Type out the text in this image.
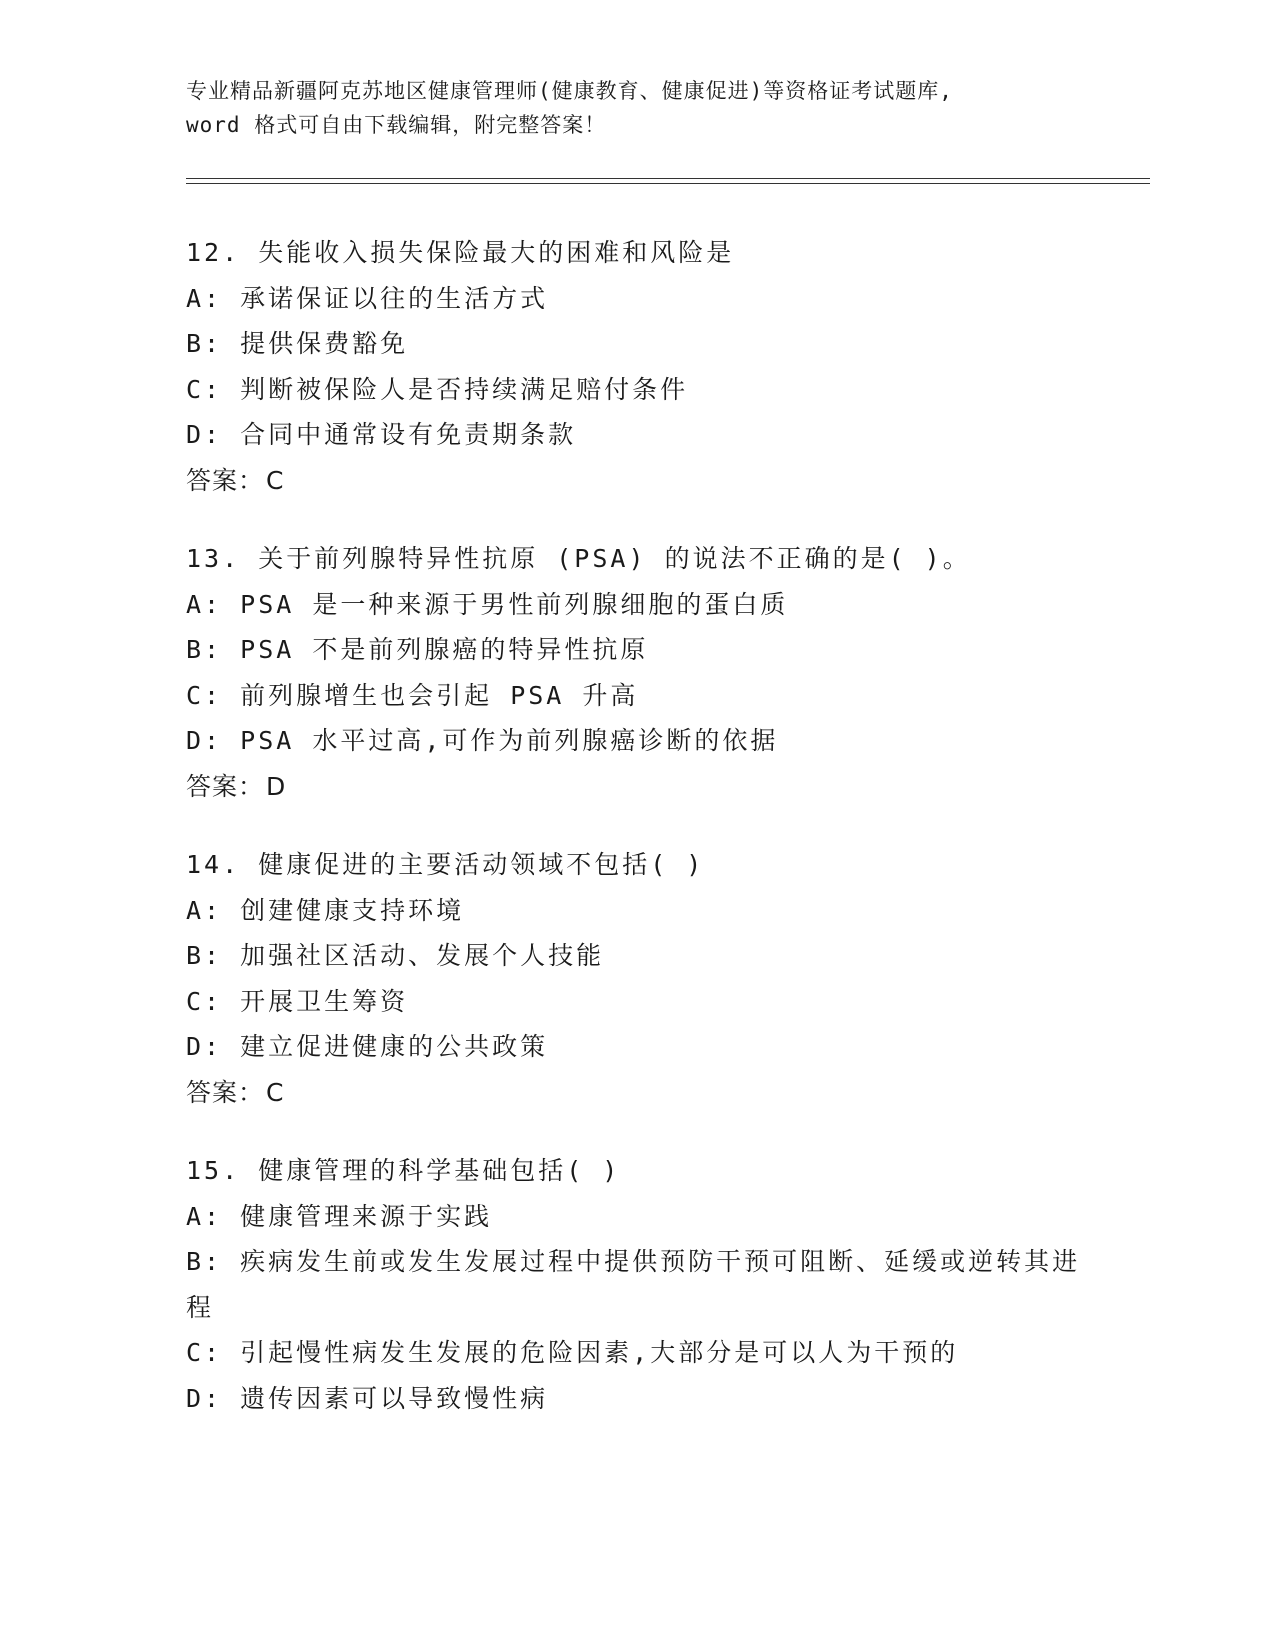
专业精品新疆阿克苏地区健康管理师(健康教育、健康促进)等资格证考试题库,
word 格式可自由下载编辑，附完整答案！
12. 失能收入损失保险最大的困难和风险是
A: 承诺保证以往的生活方式
B: 提供保费豁免
C: 判断被保险人是否持续满足赔付条件
D: 合同中通常设有免责期条款
答案：C
13. 关于前列腺特异性抗原 (PSA) 的说法不正确的是( )。
A: PSA 是一种来源于男性前列腺细胞的蛋白质
B: PSA 不是前列腺癌的特异性抗原
C: 前列腺增生也会引起 PSA 升高
D: PSA 水平过高,可作为前列腺癌诊断的依据
答案：D
14. 健康促进的主要活动领域不包括( )
A: 创建健康支持环境
B: 加强社区活动、发展个人技能
C: 开展卫生筹资
D: 建立促进健康的公共政策
答案：C
15. 健康管理的科学基础包括( )
A: 健康管理来源于实践
B: 疾病发生前或发生发展过程中提供预防干预可阻断、延缓或逆转其进程
C: 引起慢性病发生发展的危险因素,大部分是可以人为干预的
D: 遗传因素可以导致慢性病
